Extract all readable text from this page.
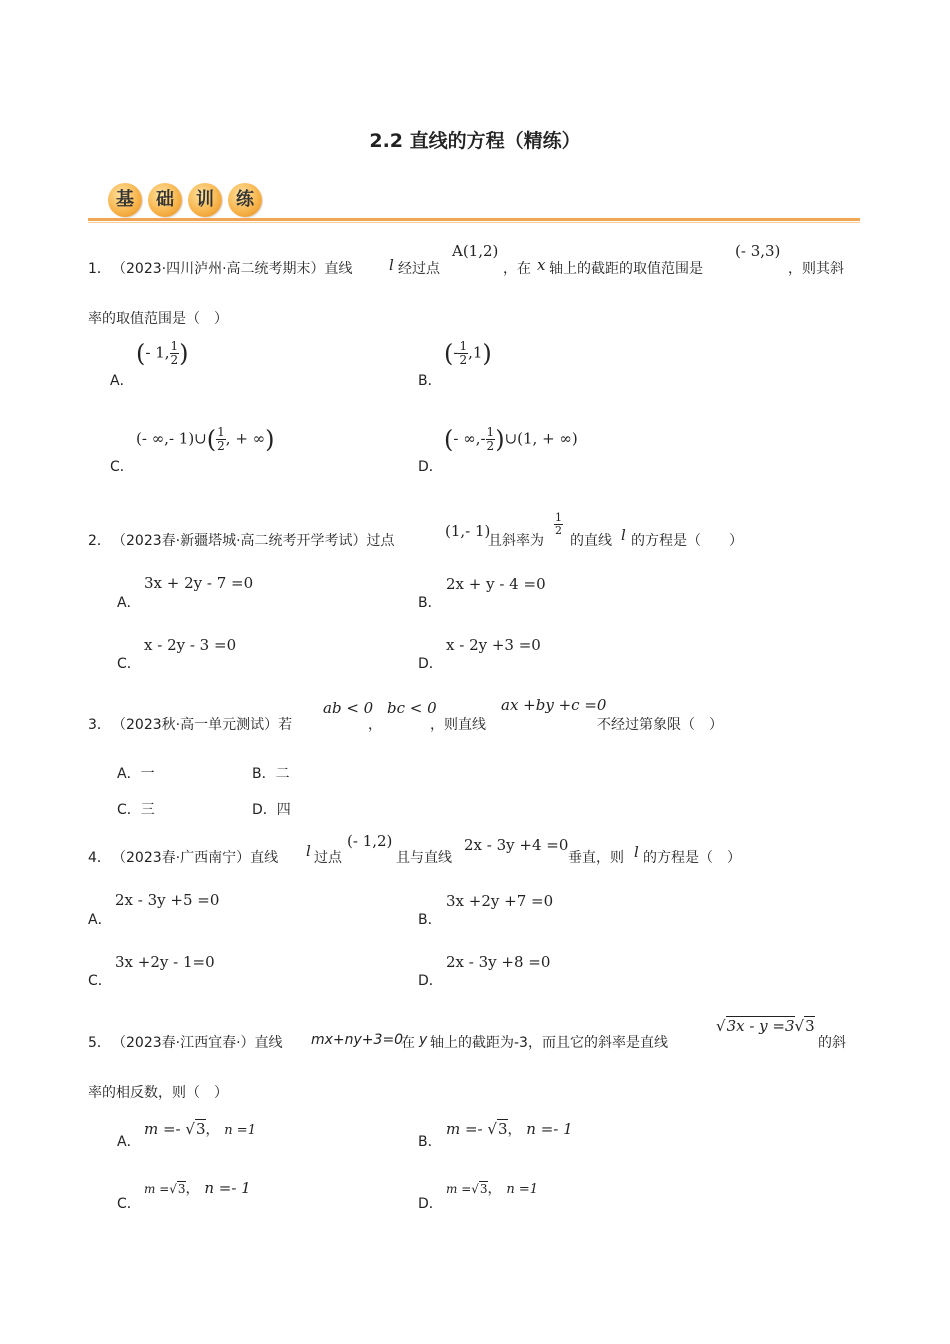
2.2 直线的方程（精练）
基	础	训	练
1． （2023·四川泸州·高二统考期末）直线 l 经过点
A(1,2)
，在 x 轴上的截距的取值范围是
(- 3,3)
，则其斜
率的取值范围是（　）
A．
(- 1, $\frac{1}{2}$ )
B．
(- $\frac{1}{2} ,1$)
C．
(- ∞,- 1)∪( $\frac{1}{2}$ , + ∞)
D．
(- ∞,- $\frac{1}{2}$ )∪(1, + ∞)
2． （2023春·新疆塔城·高二统考开学考试）过点
(1,- 1)
且斜率为
$\frac{1}{2}$
的直线 l 的方程是（　　）
A．
3x + 2y - 7 =0
B．
2x + y - 4 =0
C．
x - 2y - 3 =0
D．
x - 2y +3 =0
3． （2023秋·高一单元测试）若
ab < 0
，
bc < 0
，则直线
ax +by +c =0
不经过第象限（　）
A．一	B．二
C．三	D．四
4． （2023春·广西南宁）直线 l 过点
(- 1,2)
且与直线
2x - 3y +4 =0
垂直，则 l 的方程是（　）
A．
2x - 3y +5 =0
B．
3x +2y +7 =0
C．
3x +2y - 1=0
D．
2x - 3y +8 =0
5． （2023春·江西宜春·）直线 mx+ny+3=0
在 y 轴上的截距为-3，而且它的斜率是直线
√3x - y =3√3
的斜
率的相反数，则（　）
A．
m =- √3， n =1
B．
m =- √3， n =- 1
C．
m =√3， n =- 1
D．
m =√3， n =1
